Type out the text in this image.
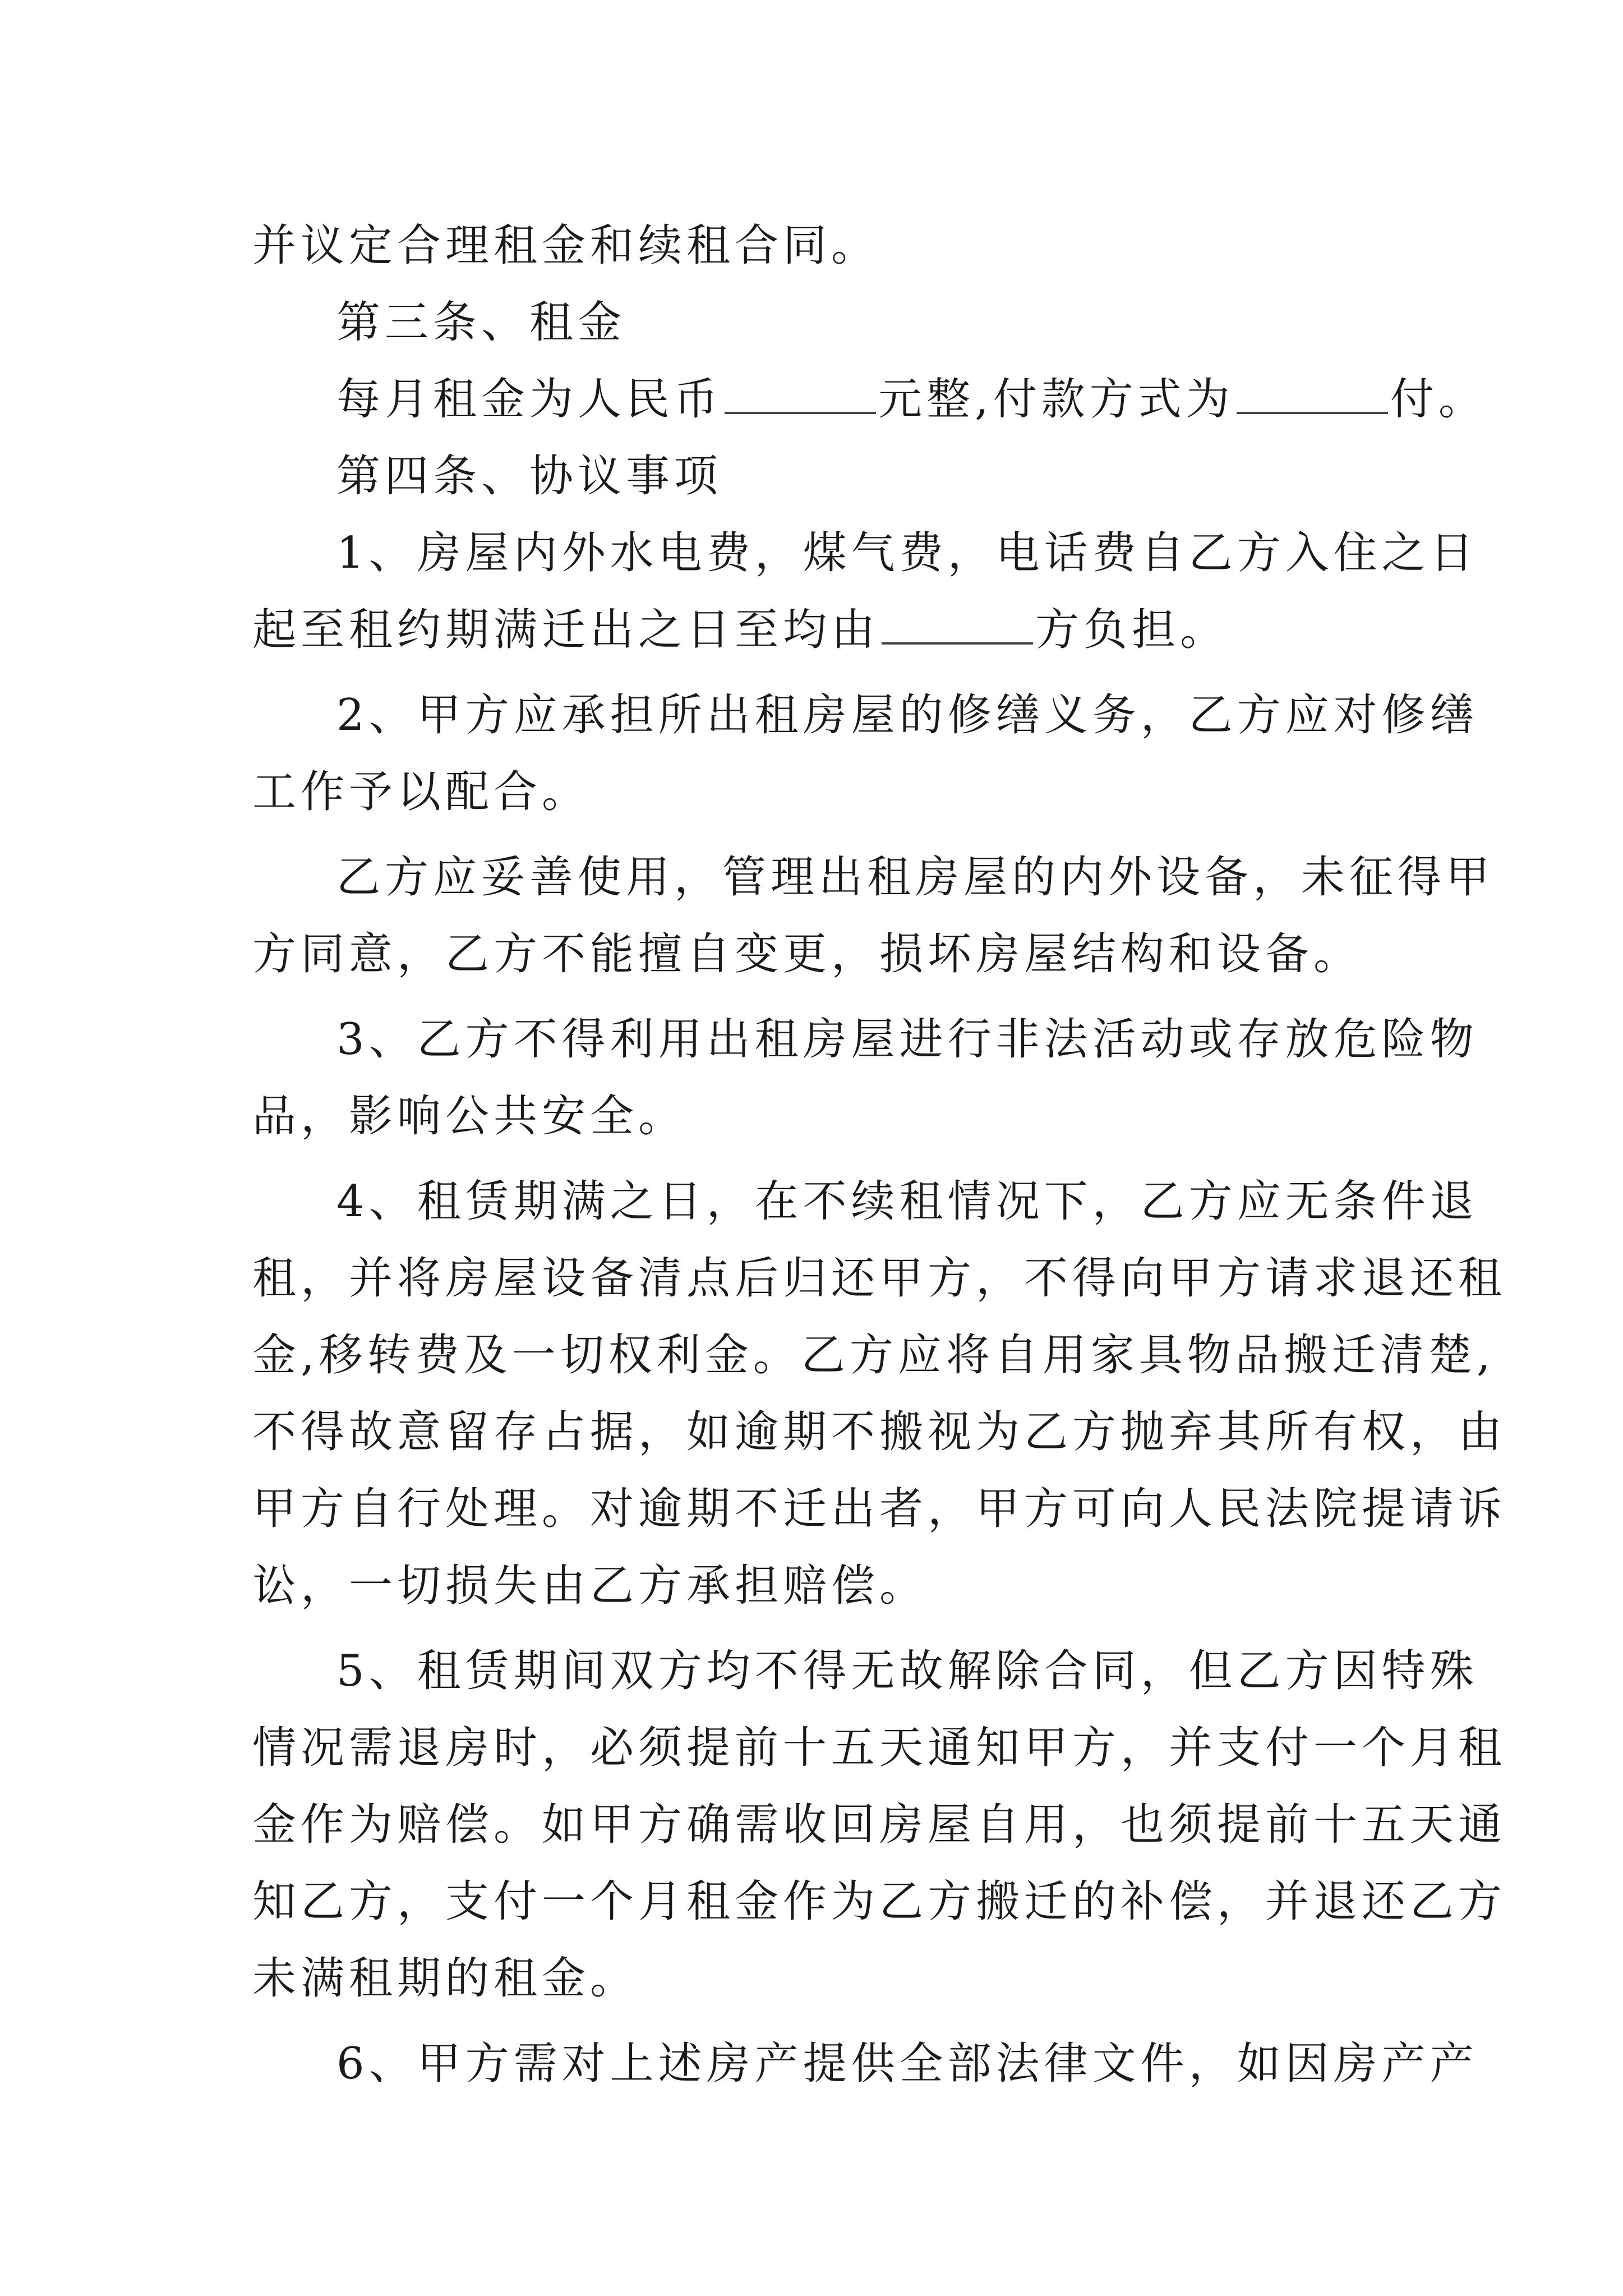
并议定合理租金和续租合同。
第三条、租金
每月租金为人民币	元整,付款方式为	付。
第四条、协议事项
1、房屋内外水电费，煤气费，电话费自乙方入住之日
起至租约期满迁出之日至均由	方负担。
2、甲方应承担所出租房屋的修缮义务，乙方应对修缮
工作予以配合。
乙方应妥善使用，管理出租房屋的内外设备，未征得甲
方同意，乙方不能擅自变更，损坏房屋结构和设备。
3、乙方不得利用出租房屋进行非法活动或存放危险物
品，影响公共安全。
4、租赁期满之日，在不续租情况下，乙方应无条件退
租，并将房屋设备清点后归还甲方，不得向甲方请求退还租
金,移转费及一切权利金。乙方应将自用家具物品搬迁清楚,
不得故意留存占据，如逾期不搬视为乙方抛弃其所有权，由
甲方自行处理。对逾期不迁出者，甲方可向人民法院提请诉
讼，一切损失由乙方承担赔偿。
5、租赁期间双方均不得无故解除合同，但乙方因特殊
情况需退房时，必须提前十五天通知甲方，并支付一个月租
金作为赔偿。如甲方确需收回房屋自用，也须提前十五天通
知乙方，支付一个月租金作为乙方搬迁的补偿，并退还乙方
未满租期的租金。
6、甲方需对上述房产提供全部法律文件，如因房产产
